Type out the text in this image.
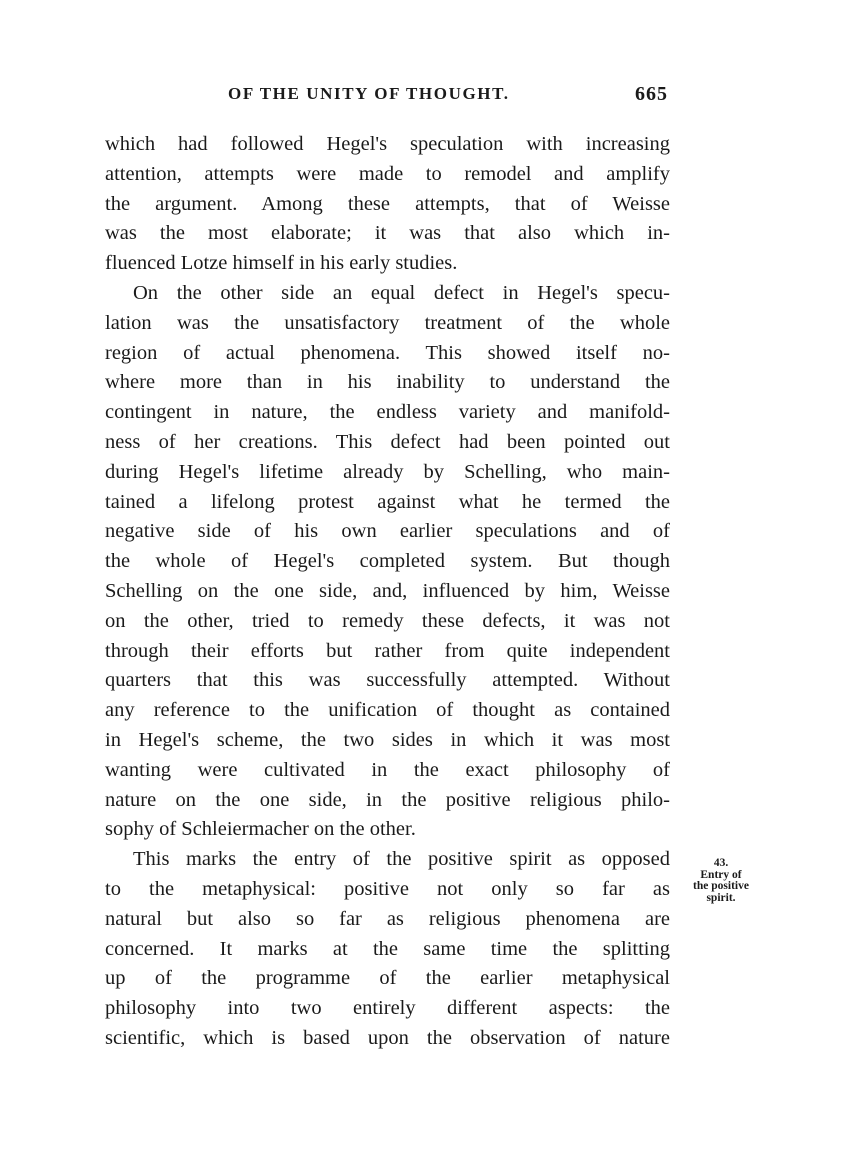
OF THE UNITY OF THOUGHT.	665
which had followed Hegel's speculation with increasing
attention, attempts were made to remodel and amplify
the argument. Among these attempts, that of Weisse
was the most elaborate; it was that also which in-
fluenced Lotze himself in his early studies.
On the other side an equal defect in Hegel's specu-
lation was the unsatisfactory treatment of the whole
region of actual phenomena. This showed itself no-
where more than in his inability to understand the
contingent in nature, the endless variety and manifold-
ness of her creations. This defect had been pointed out
during Hegel's lifetime already by Schelling, who main-
tained a lifelong protest against what he termed the
negative side of his own earlier speculations and of
the whole of Hegel's completed system. But though
Schelling on the one side, and, influenced by him, Weisse
on the other, tried to remedy these defects, it was not
through their efforts but rather from quite independent
quarters that this was successfully attempted. Without
any reference to the unification of thought as contained
in Hegel's scheme, the two sides in which it was most
wanting were cultivated in the exact philosophy of
nature on the one side, in the positive religious philo-
sophy of Schleiermacher on the other.
This marks the entry of the positive spirit as opposed
to the metaphysical: positive not only so far as
natural but also so far as religious phenomena are
concerned. It marks at the same time the splitting
up of the programme of the earlier metaphysical
philosophy into two entirely different aspects: the
scientific, which is based upon the observation of nature
43.
Entry of
the positive
spirit.
